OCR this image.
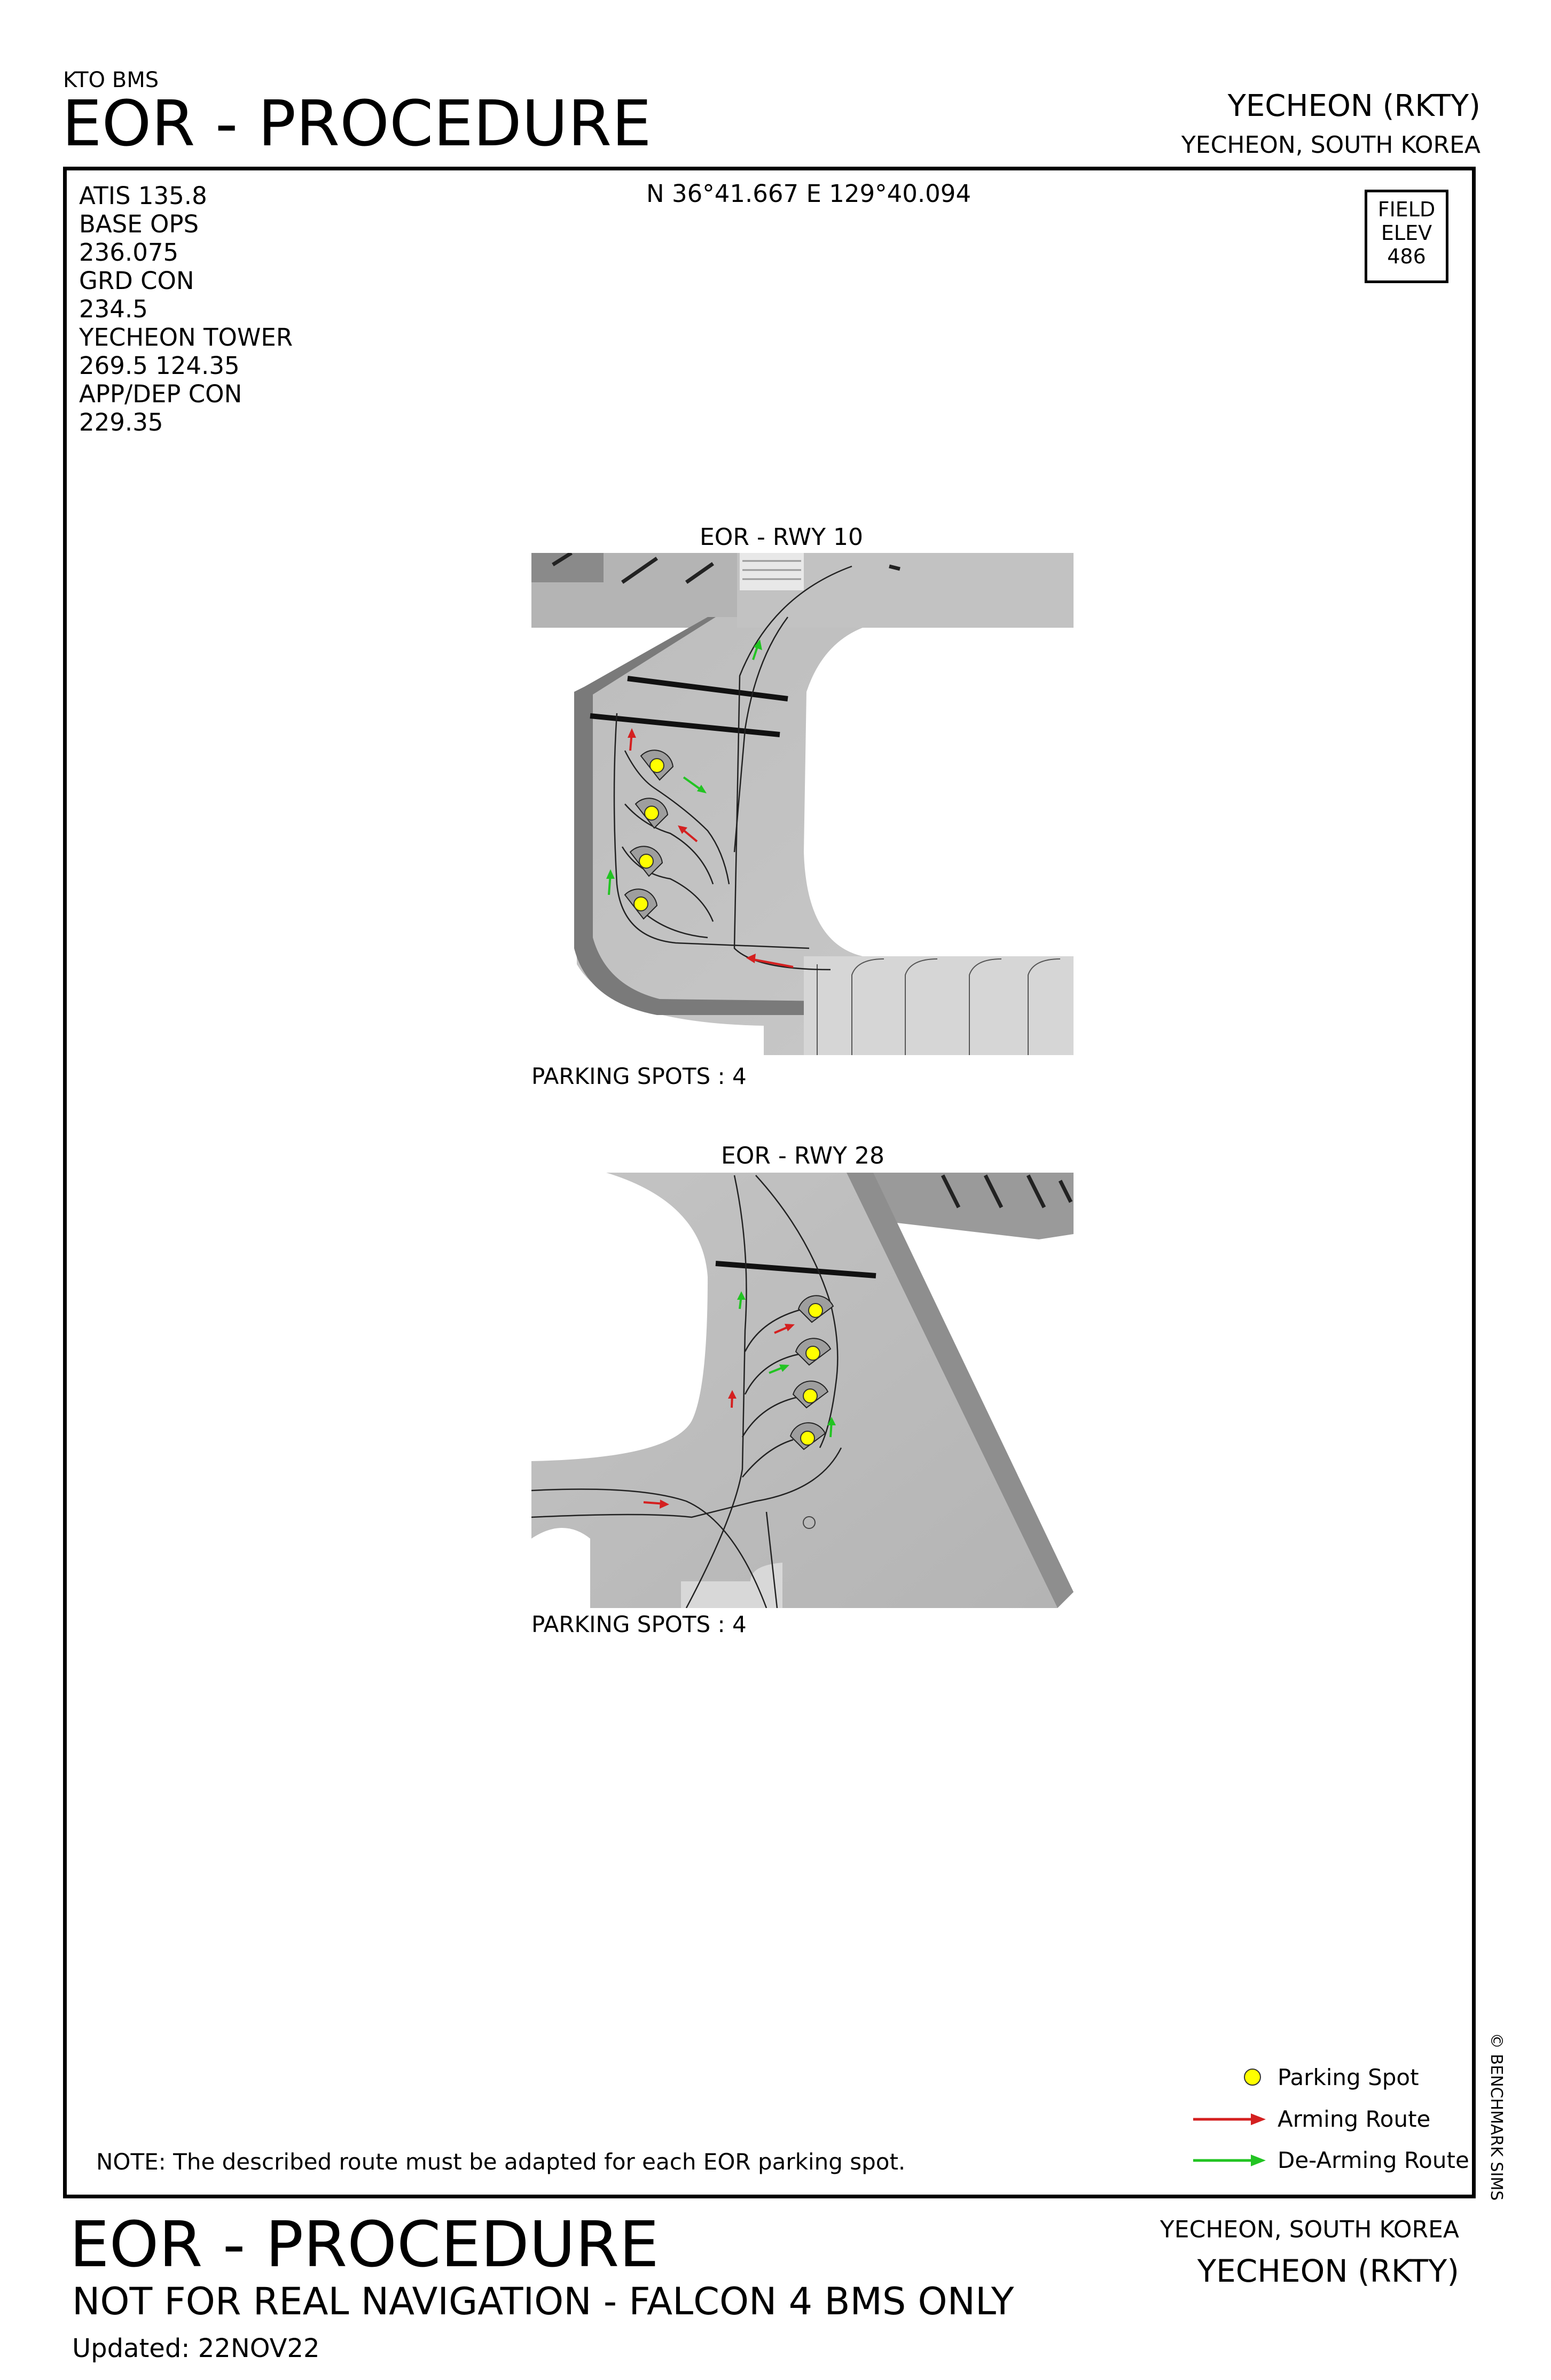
KTO BMS
EOR - PROCEDURE	YECHEON (RKTY)
YECHEON, SOUTH KOREA
ATIS 135.8
BASE OPS
236.075
GRD CON
234.5
YECHEON TOWER
269.5 124.35
APP/DEP CON
229.35
N 36°41.667 E 129°40.094
FIELD
ELEV
486
EOR - RWY 10
PARKING SPOTS : 4
EOR - RWY 28
PARKING SPOTS : 4
Parking Spot
Arming Route
De-Arming Route
NOTE: The described route must be adapted for each EOR parking spot.	© BENCHMARK SIMS
EOR - PROCEDURE
NOT FOR REAL NAVIGATION - FALCON 4 BMS ONLY
Updated: 22NOV22
YECHEON, SOUTH KOREA
YECHEON (RKTY)
